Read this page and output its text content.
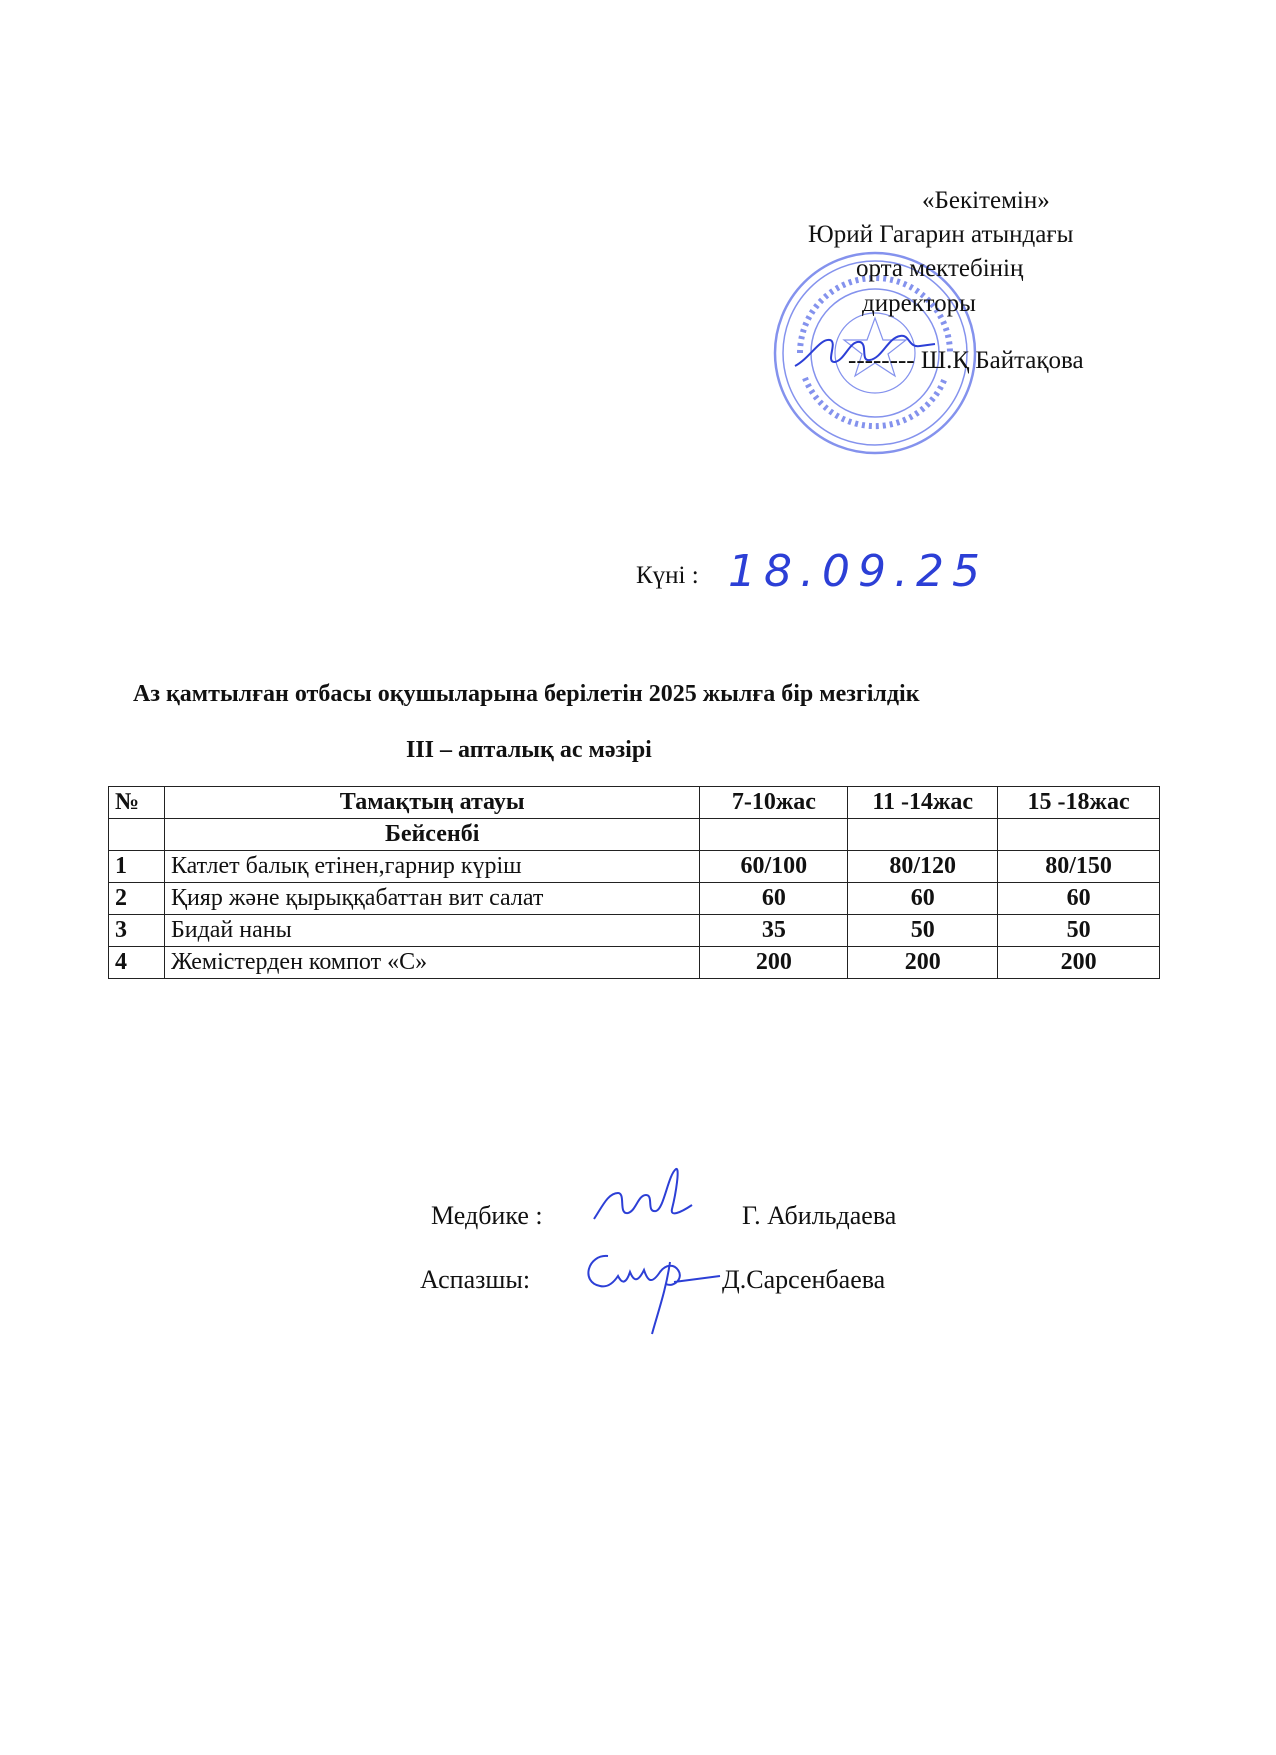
«Бекітемін»
Юрий Гагарин атындағы
орта мектебінің
директоры
-------- Ш.Қ Байтақова
Күні : 18.09.25
Аз қамтылған отбасы оқушыларына берілетін 2025 жылға бір мезгілдік
ІІІ – апталық ас мәзірі
№	Тамақтың атауы	7-10жас	11 -14жас	15 -18жас
	Бейсенбі			
1	Катлет балық етінен,гарнир күріш	60/100	80/120	80/150
2	Қияр және қырыққабаттан вит салат	60	60	60
3	Бидай наны	35	50	50
4	Жемістерден компот «С»	200	200	200
Медбике :	Г. Абильдаева
Аспазшы:	Д.Сарсенбаева
